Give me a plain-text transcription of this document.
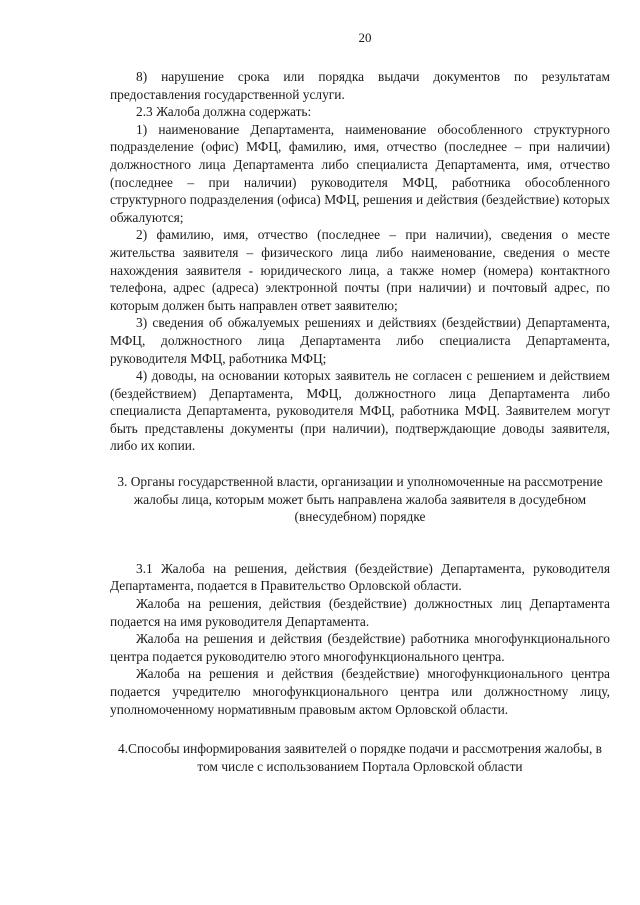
20

8) нарушение срока или порядка выдачи документов по результатам предоставления государственной услуги.

2.3 Жалоба должна содержать:

1) наименование Департамента, наименование обособленного структурного подразделение (офис) МФЦ, фамилию, имя, отчество (последнее – при наличии) должностного лица Департамента либо специалиста Департамента, имя, отчество (последнее – при наличии) руководителя МФЦ, работника обособленного структурного подразделения (офиса) МФЦ, решения и действия (бездействие) которых обжалуются;

2) фамилию, имя, отчество (последнее – при наличии), сведения о месте жительства заявителя – физического лица либо наименование, сведения о месте нахождения заявителя - юридического лица, а также номер (номера) контактного телефона, адрес (адреса) электронной почты (при наличии) и почтовый адрес, по которым должен быть направлен ответ заявителю;

3) сведения об обжалуемых решениях и действиях (бездействии) Департамента, МФЦ, должностного лица Департамента либо специалиста Департамента, руководителя МФЦ, работника МФЦ;

4) доводы, на основании которых заявитель не согласен с решением и действием (бездействием) Департамента, МФЦ, должностного лица Департамента либо специалиста Департамента, руководителя МФЦ, работника МФЦ. Заявителем могут быть представлены документы (при наличии), подтверждающие доводы заявителя, либо их копии.

3. Органы государственной власти, организации и уполномоченные на рассмотрение жалобы лица, которым может быть направлена жалоба заявителя в досудебном (внесудебном) порядке

3.1 Жалоба на решения, действия (бездействие) Департамента, руководителя Департамента, подается в Правительство Орловской области.

Жалоба на решения, действия (бездействие) должностных лиц Департамента подается на имя руководителя Департамента.

Жалоба на решения и действия (бездействие) работника многофункционального центра подается руководителю этого многофункционального центра.

Жалоба на решения и действия (бездействие) многофункционального центра подается учредителю многофункционального центра или должностному лицу, уполномоченному нормативным правовым актом Орловской области.

4.Способы информирования заявителей о порядке подачи и рассмотрения жалобы, в том числе с использованием Портала Орловской области
